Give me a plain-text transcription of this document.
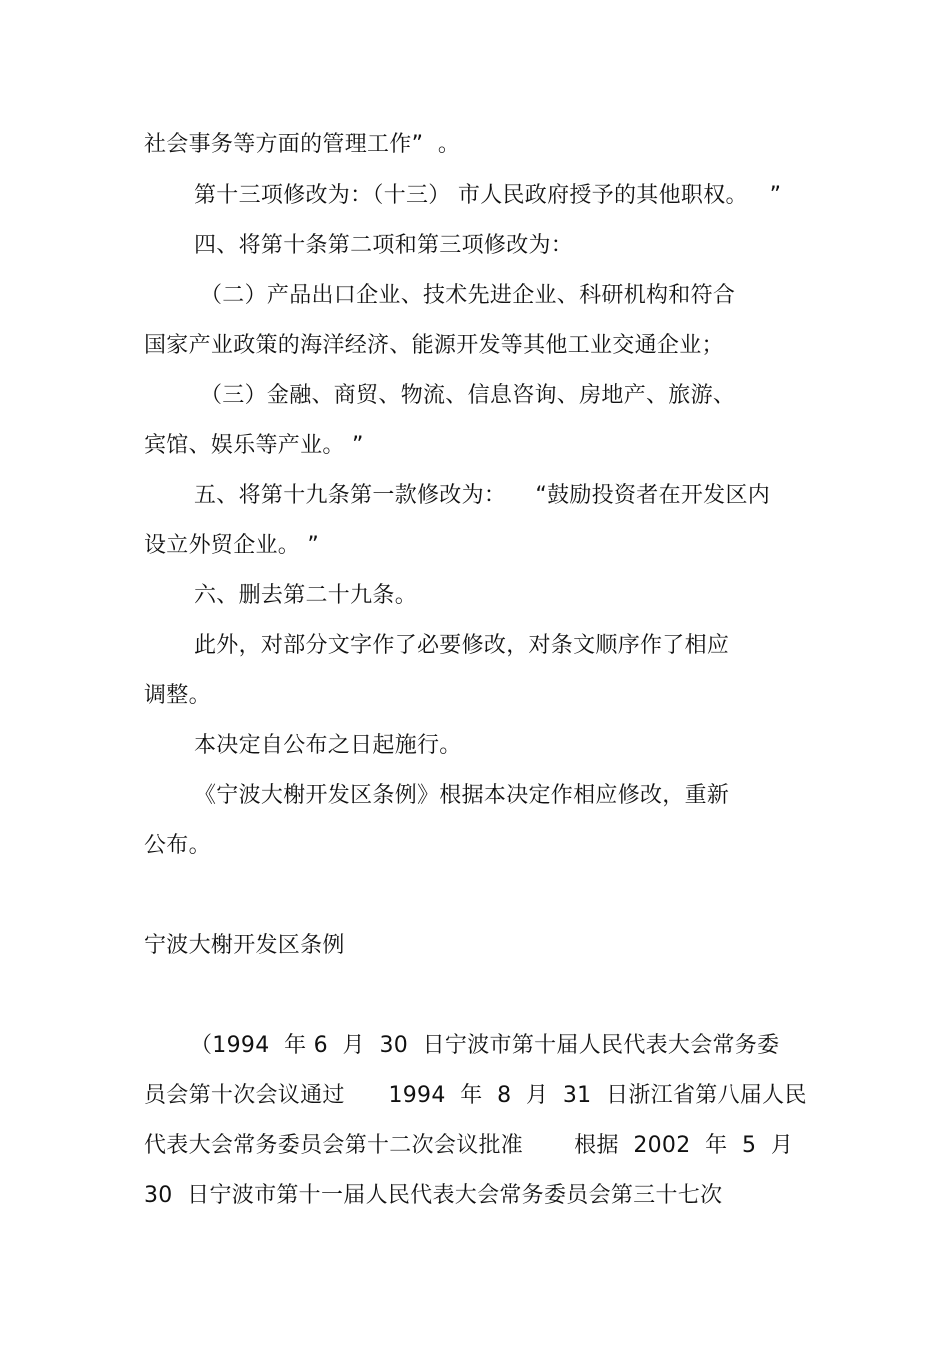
社会事务等方面的管理工作”  。
第十三项修改为：（十三） 市人民政府授予的其他职权。   ”
四、将第十条第二项和第三项修改为：
（二）产品出口企业、技术先进企业、科研机构和符合
国家产业政策的海洋经济、能源开发等其他工业交通企业；
（三）金融、商贸、物流、信息咨询、房地产、旅游、
宾馆、娱乐等产业。 ”
五、将第十九条第一款修改为：    “鼓励投资者在开发区内
设立外贸企业。 ”
六、删去第二十九条。
此外，对部分文字作了必要修改，对条文顺序作了相应
调整。
本决定自公布之日起施行。
《宁波大榭开发区条例》根据本决定作相应修改，重新
公布。
宁波大榭开发区条例
（1994  年 6  月  30  日宁波市第十届人民代表大会常务委
员会第十次会议通过      1994  年  8  月  31  日浙江省第八届人民
代表大会常务委员会第十二次会议批准       根据  2002  年  5  月
30  日宁波市第十一届人民代表大会常务委员会第三十七次
